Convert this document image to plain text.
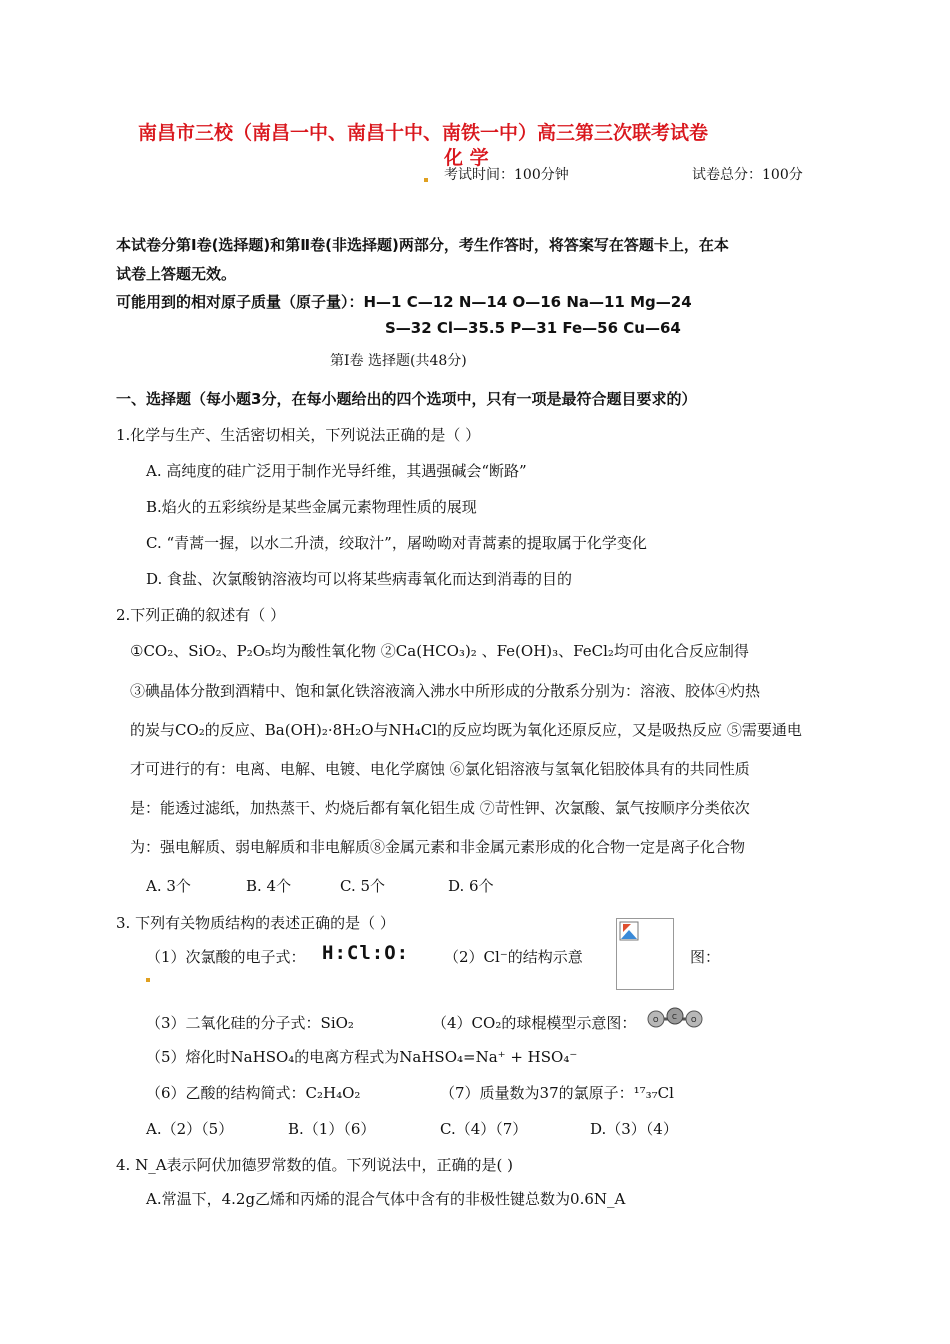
南昌市三校（南昌一中、南昌十中、南铁一中）高三第三次联考试卷
化 学
考试时间：100分钟	试卷总分：100分
本试卷分第Ⅰ卷(选择题)和第Ⅱ卷(非选择题)两部分，考生作答时，将答案写在答题卡上，在本
试卷上答题无效。
可能用到的相对原子质量（原子量）：H—1 C—12 N—14 O—16 Na—11 Mg—24
S—32 Cl—35.5 P—31 Fe—56 Cu—64
第Ⅰ卷 选择题(共48分)
一、选择题（每小题3分，在每小题给出的四个选项中，只有一项是最符合题目要求的）
1.化学与生产、生活密切相关，下列说法正确的是（ ）
A. 高纯度的硅广泛用于制作光导纤维，其遇强碱会“断路”
B.焰火的五彩缤纷是某些金属元素物理性质的展现
C. “青蒿一握，以水二升渍，绞取汁”，屠呦呦对青蒿素的提取属于化学变化
D. 食盐、次氯酸钠溶液均可以将某些病毒氧化而达到消毒的目的
2.下列正确的叙述有（ ）
①CO₂、SiO₂、P₂O₅均为酸性氧化物 ②Ca(HCO₃)₂ 、Fe(OH)₃、FeCl₂均可由化合反应制得
③碘晶体分散到酒精中、饱和氯化铁溶液滴入沸水中所形成的分散系分别为：溶液、胶体④灼热
的炭与CO₂的反应、Ba(OH)₂·8H₂O与NH₄Cl的反应均既为氧化还原反应，又是吸热反应 ⑤需要通电
才可进行的有：电离、电解、电镀、电化学腐蚀 ⑥氯化铝溶液与氢氧化铝胶体具有的共同性质
是：能透过滤纸，加热蒸干、灼烧后都有氧化铝生成 ⑦苛性钾、次氯酸、氯气按顺序分类依次
为：强电解质、弱电解质和非电解质⑧金属元素和非金属元素形成的化合物一定是离子化合物
A. 3个	B. 4个	C. 5个	D. 6个
3. 下列有关物质结构的表述正确的是（ ）
（1）次氯酸的电子式： H:Cl:O: （2）Cl⁻的结构示意	图：
（3）二氧化硅的分子式：SiO₂	（4）CO₂的球棍模型示意图： O C O
（5）熔化时NaHSO₄的电离方程式为NaHSO₄=Na⁺ + HSO₄⁻
（6）乙酸的结构简式：C₂H₄O₂	（7）质量数为37的氯原子：¹⁷₃₇Cl
A.（2）（5）	B.（1）（6）	C.（4）（7）	D.（3）（4）
4. N_A表示阿伏加德罗常数的值。下列说法中，正确的是( )
A.常温下，4.2g乙烯和丙烯的混合气体中含有的非极性键总数为0.6N_A
